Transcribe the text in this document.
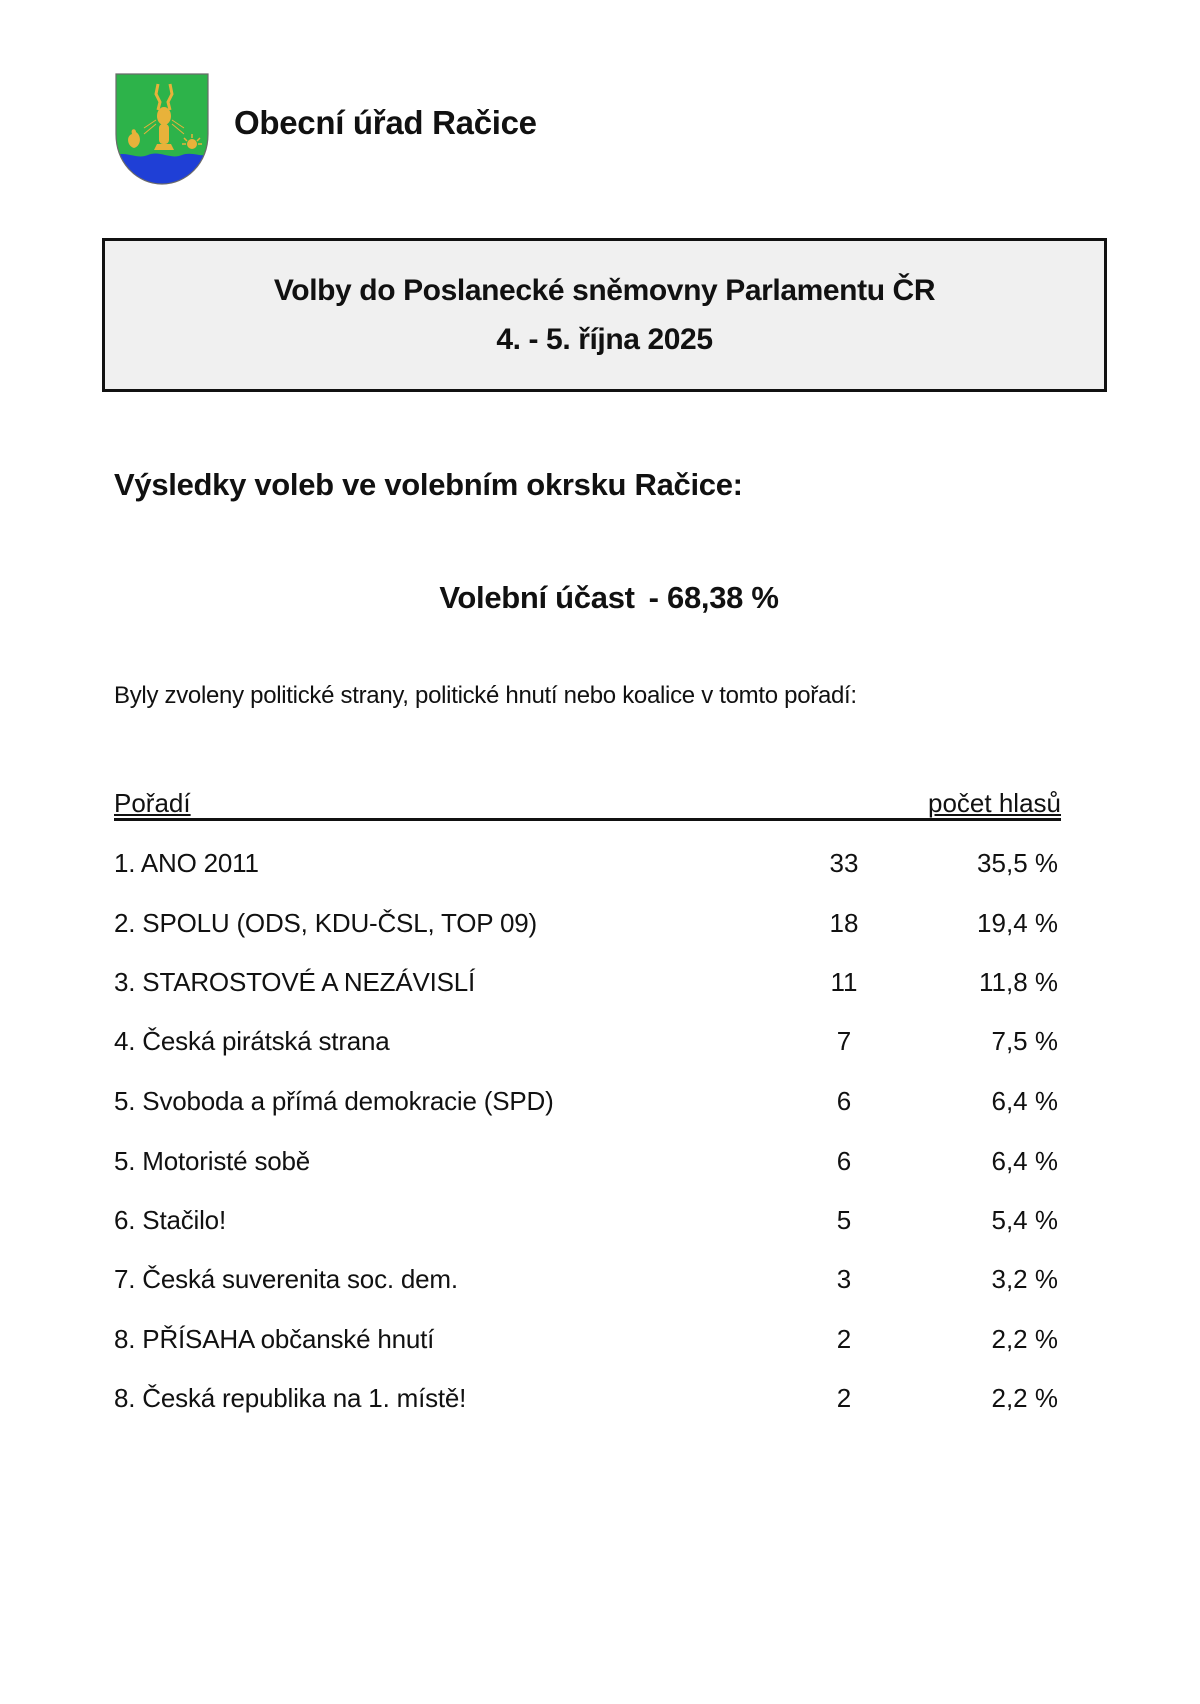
Obecní úřad Račice
Volby do Poslanecké sněmovny Parlamentu ČR
4. - 5. října 2025
Výsledky voleb ve volebním okrsku Račice:
Volební účast - 68,38 %
Byly zvoleny politické strany, politické hnutí nebo koalice v tomto pořadí:
Pořadí	počet hlasů
1. ANO 2011	33	35,5 %
2. SPOLU (ODS, KDU-ČSL, TOP 09)	18	19,4 %
3. STAROSTOVÉ A NEZÁVISLÍ	11	11,8 %
4. Česká pirátská strana	7	7,5 %
5. Svoboda a přímá demokracie (SPD)	6	6,4 %
5. Motoristé sobě	6	6,4 %
6. Stačilo!	5	5,4 %
7. Česká suverenita soc. dem.	3	3,2 %
8. PŘÍSAHA občanské hnutí	2	2,2 %
8. Česká republika na 1. místě!	2	2,2 %
